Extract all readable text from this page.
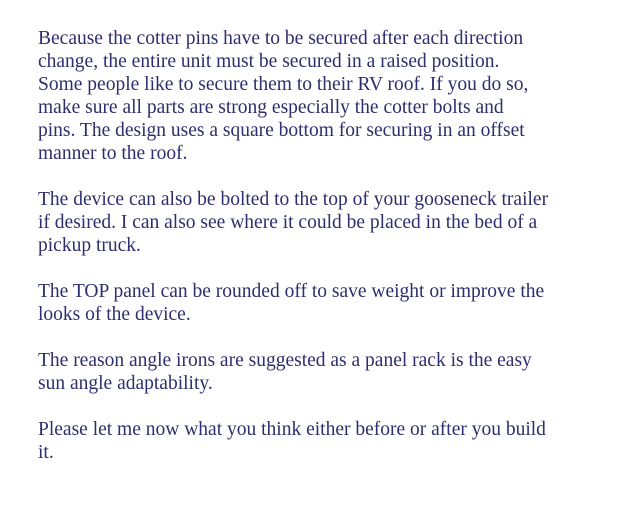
Because the cotter pins have to be secured after each direction
change, the entire unit must be secured in a raised position.
Some people like to secure them to their RV roof. If you do so,
make sure all parts are strong especially the cotter bolts and
pins. The design uses a square bottom for securing in an offset
manner to the roof.
The device can also be bolted to the top of your gooseneck trailer
if desired. I can also see where it could be placed in the bed of a
pickup truck.
The TOP panel can be rounded off to save weight or improve the
looks of the device.
The reason angle irons are suggested as a panel rack is the easy
sun angle adaptability.
Please let me now what you think either before or after you build
it.
